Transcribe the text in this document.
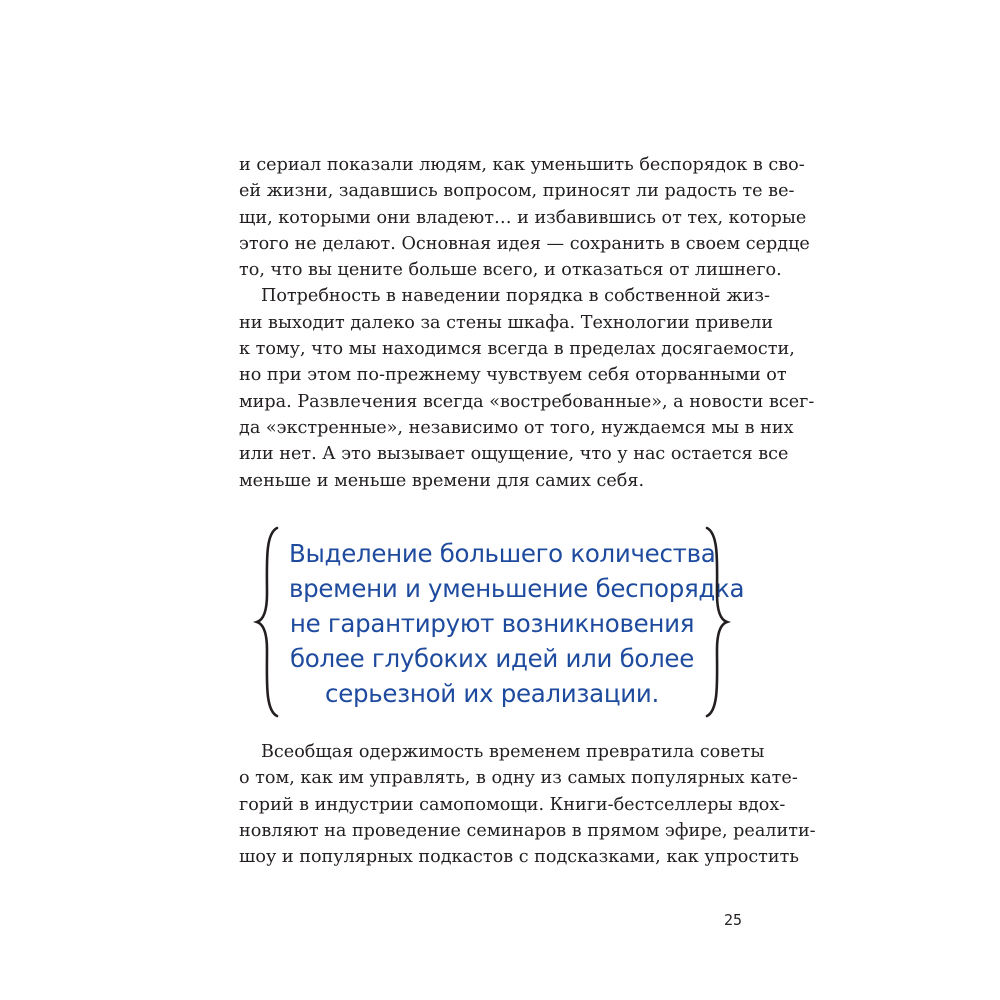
и сериал показали людям, как уменьшить беспорядок в сво-
ей жизни, задавшись вопросом, приносят ли радость те ве-
щи, которыми они владеют… и избавившись от тех, которые
этого не делают. Основная идея — сохранить в своем сердце
то, что вы цените больше всего, и отказаться от лишнего.

Потребность в наведении порядка в собственной жиз-
ни выходит далеко за стены шкафа. Технологии привели
к тому, что мы находимся всегда в пределах досягаемости,
но при этом по-прежнему чувствуем себя оторванными от
мира. Развлечения всегда «востребованные», а новости всег-
да «экстренные», независимо от того, нуждаемся мы в них
или нет. А это вызывает ощущение, что у нас остается все
меньше и меньше времени для самих себя.

Выделение большего количества
времени и уменьшение беспорядка
не гарантируют возникновения
более глубоких идей или более
серьезной их реализации.

Всеобщая одержимость временем превратила советы
о том, как им управлять, в одну из самых популярных кате-
горий в индустрии самопомощи. Книги-бестселлеры вдох-
новляют на проведение семинаров в прямом эфире, реалити-
шоу и популярных подкастов с подсказками, как упростить

25
